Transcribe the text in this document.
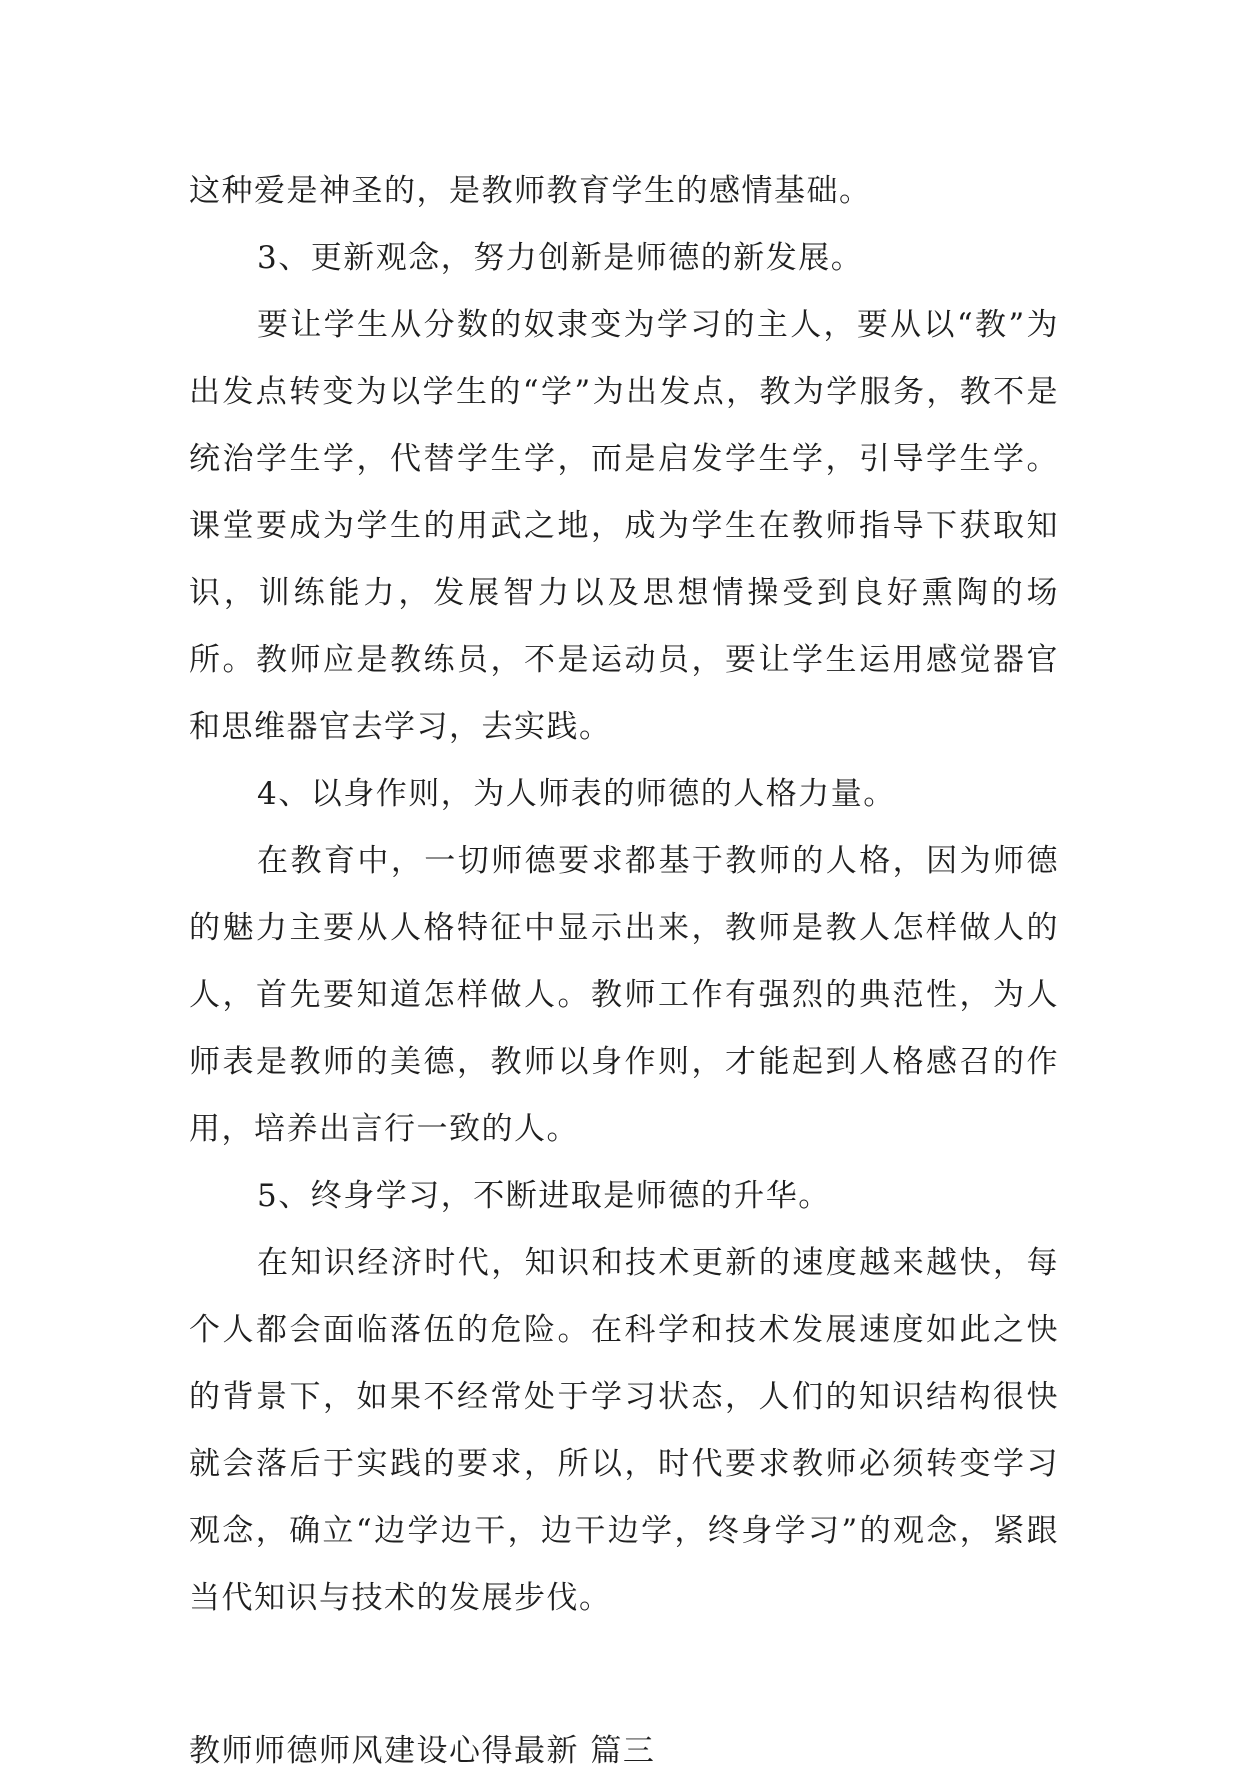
这种爱是神圣的，是教师教育学生的感情基础。

3、更新观念，努力创新是师德的新发展。

要让学生从分数的奴隶变为学习的主人，要从以“教”为出发点转变为以学生的“学”为出发点，教为学服务，教不是统治学生学，代替学生学，而是启发学生学，引导学生学。课堂要成为学生的用武之地，成为学生在教师指导下获取知识，训练能力，发展智力以及思想情操受到良好熏陶的场所。教师应是教练员，不是运动员，要让学生运用感觉器官和思维器官去学习，去实践。

4、以身作则，为人师表的师德的人格力量。

在教育中，一切师德要求都基于教师的人格，因为师德的魅力主要从人格特征中显示出来，教师是教人怎样做人的人，首先要知道怎样做人。教师工作有强烈的典范性，为人师表是教师的美德，教师以身作则，才能起到人格感召的作用，培养出言行一致的人。

5、终身学习，不断进取是师德的升华。

在知识经济时代，知识和技术更新的速度越来越快，每个人都会面临落伍的危险。在科学和技术发展速度如此之快的背景下，如果不经常处于学习状态，人们的知识结构很快就会落后于实践的要求，所以，时代要求教师必须转变学习观念，确立“边学边干，边干边学，终身学习”的观念，紧跟当代知识与技术的发展步伐。

教师师德师风建设心得最新 篇三
